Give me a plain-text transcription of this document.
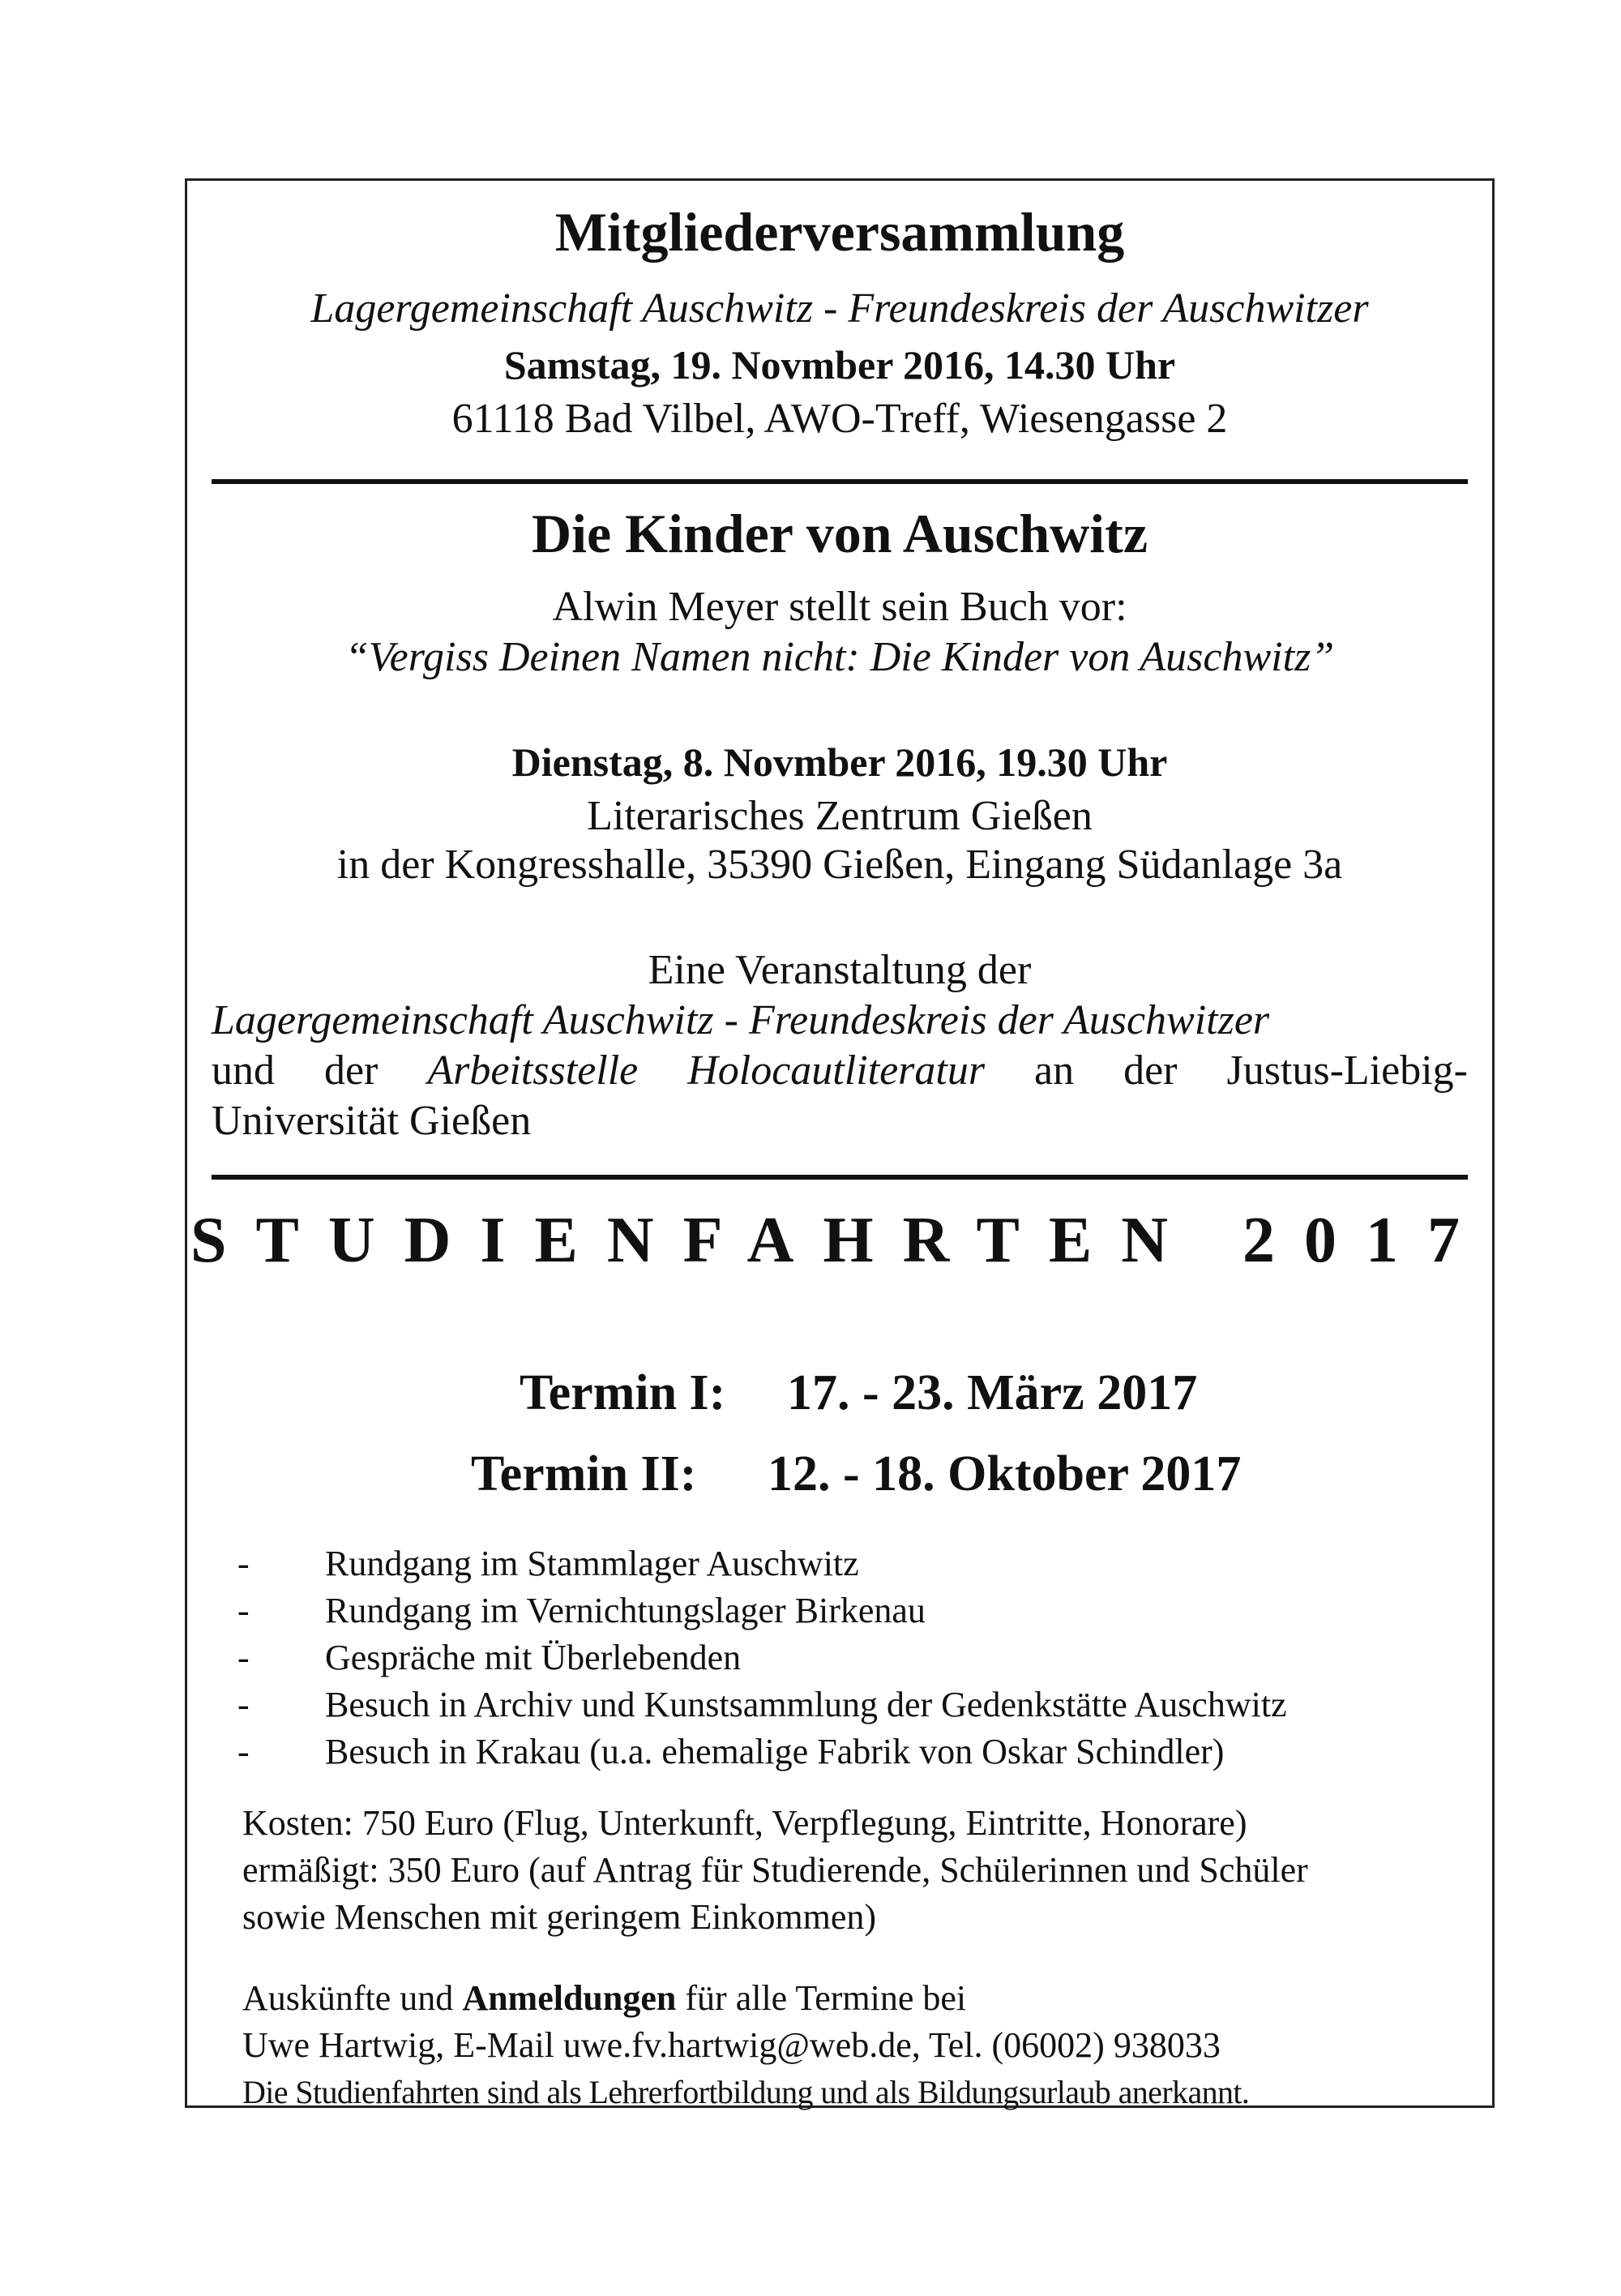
Mitgliederversammlung
Lagergemeinschaft Auschwitz - Freundeskreis der Auschwitzer
Samstag, 19. Novmber 2016, 14.30 Uhr
61118 Bad Vilbel, AWO-Treff, Wiesengasse 2
Die Kinder von Auschwitz
Alwin Meyer stellt sein Buch vor:
“Vergiss Deinen Namen nicht: Die Kinder von Auschwitz”
Dienstag, 8. Novmber 2016, 19.30 Uhr
Literarisches Zentrum Gießen
in der Kongresshalle, 35390 Gießen, Eingang Südanlage 3a
Eine Veranstaltung der
Lagergemeinschaft Auschwitz - Freundeskreis der Auschwitzer
und der Arbeitsstelle Holocautliteratur an der Justus-Liebig-
Universität Gießen
STUDIENFAHRTEN 2017
Termin I: 17. - 23. März 2017
Termin II: 12. - 18. Oktober 2017
- Rundgang im Stammlager Auschwitz
- Rundgang im Vernichtungslager Birkenau
- Gespräche mit Überlebenden
- Besuch in Archiv und Kunstsammlung der Gedenkstätte Auschwitz
- Besuch in Krakau (u.a. ehemalige Fabrik von Oskar Schindler)
Kosten: 750 Euro (Flug, Unterkunft, Verpflegung, Eintritte, Honorare)
ermäßigt: 350 Euro (auf Antrag für Studierende, Schülerinnen und Schüler
sowie Menschen mit geringem Einkommen)
Auskünfte und Anmeldungen für alle Termine bei
Uwe Hartwig, E-Mail uwe.fv.hartwig@web.de, Tel. (06002) 938033
Die Studienfahrten sind als Lehrerfortbildung und als Bildungsurlaub anerkannt.
